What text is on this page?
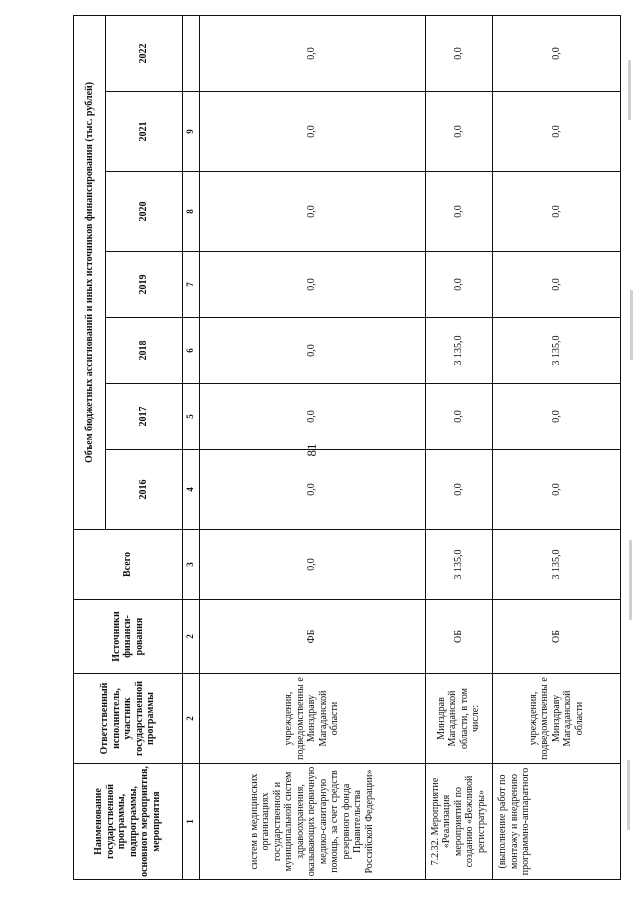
81
Наименование государственной программы, подпрограммы, основного мероприятия, мероприятия	Ответственный исполнитель, участник государственной программы	Источники финанси-рования	Всего	Объем бюджетных ассигнований и иных источников финансирования (тыс. рублей)						
				2016	2017	2018	2019	2020	2021	2022
1	2	2	3	4	5	6	7	8	9	
систем в медицинских организациях государственной и муниципальной систем здравоохранения, оказывающих первичную медико-санитарную помощь, за счет средств резервного фонда Правительства Российской Федерации»	учреждения, подведомственны е Минздраву Магаданской области	ФБ	0,0	0,0	0,0	0,0	0,0	0,0	0,0	0,0
7.2.32. Мероприятие «Реализация мероприятий по созданию «Вежливой регистратуры»	Минздрав Магаданской области, в том числе:	ОБ	3 135,0	0,0	0,0	3 135,0	0,0	0,0	0,0	0,0
(выполнение работ по монтажу и внедрению программно-аппаратного	учреждения, подведомственны е Минздраву Магаданской области	ОБ	3 135,0	0,0	0,0	3 135,0	0,0	0,0	0,0	0,0
